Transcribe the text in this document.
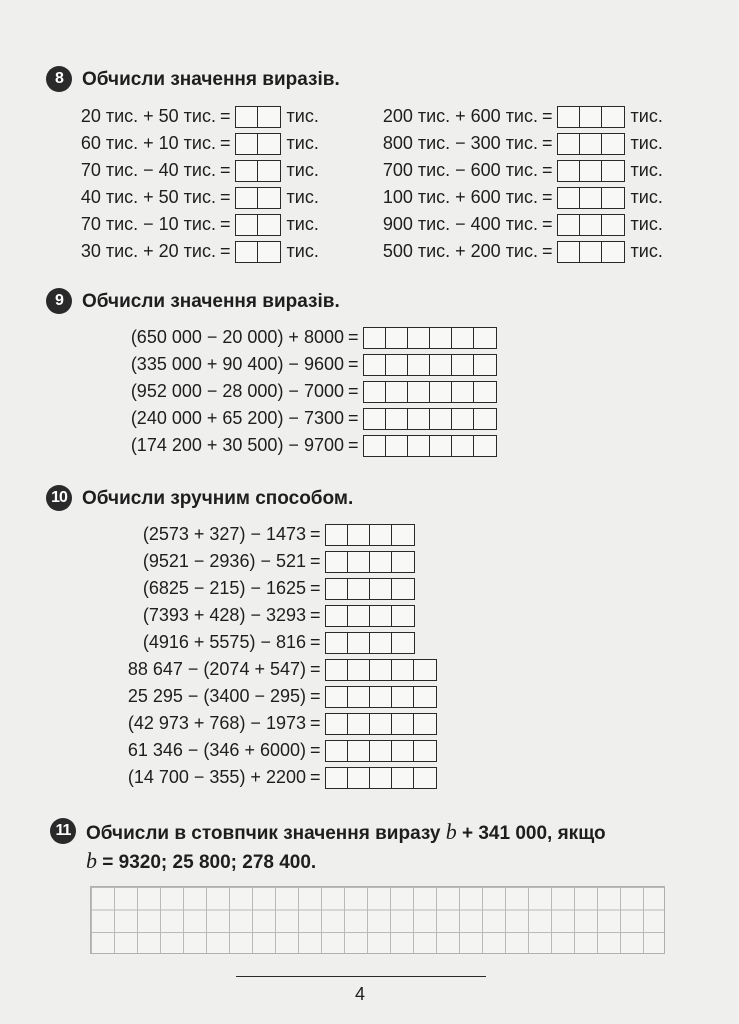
8	Обчисли значення виразів.
20 тис. + 50 тис. =	тис.
60 тис. + 10 тис. =	тис.
70 тис. − 40 тис. =	тис.
40 тис. + 50 тис. =	тис.
70 тис. − 10 тис. =	тис.
30 тис. + 20 тис. =	тис.
200 тис. + 600 тис. =	тис.
800 тис. − 300 тис. =	тис.
700 тис. − 600 тис. =	тис.
100 тис. + 600 тис. =	тис.
900 тис. − 400 тис. =	тис.
500 тис. + 200 тис. =	тис.
9	Обчисли значення виразів.
(650 000 − 20 000) + 8000 =
(335 000 + 90 400) − 9600 =
(952 000 − 28 000) − 7000 =
(240 000 + 65 200) − 7300 =
(174 200 + 30 500) − 9700 =
10 Обчисли зручним способом.
(2573 + 327) − 1473 =
(9521 − 2936) − 521 =
(6825 − 215) − 1625 =
(7393 + 428) − 3293 =
(4916 + 5575) − 816 =
88 647 − (2074 + 547) =
25 295 − (3400 − 295) =
(42 973 + 768) − 1973 =
61 346 − (346 + 6000) =
(14 700 − 355) + 2200 =
11 Обчисли в стовпчик значення виразу b + 341 000, якщо
b = 9320; 25 800; 278 400.
4
